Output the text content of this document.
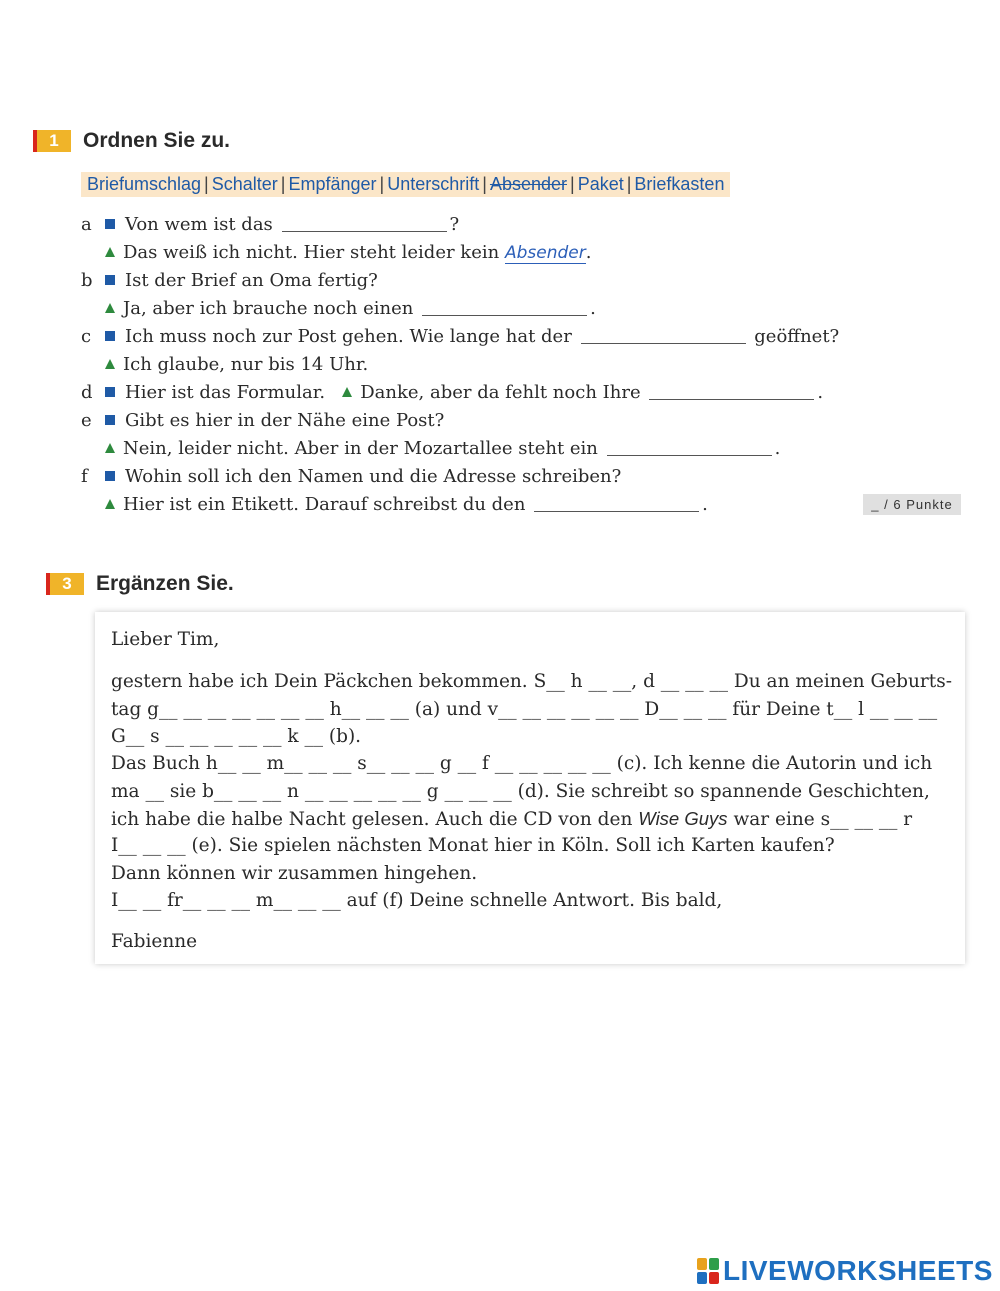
1	Ordnen Sie zu.
Briefumschlag | Schalter | Empfänger | Unterschrift | Absender | Paket | Briefkasten
a Von wem ist das	?
Das weiß ich nicht. Hier steht leider kein Absender.
b Ist der Brief an Oma fertig?
Ja, aber ich brauche noch einen	.
c Ich muss noch zur Post gehen. Wie lange hat der	geöffnet?
Ich glaube, nur bis 14 Uhr.
d Hier ist das Formular. Danke, aber da fehlt noch Ihre	.
e Gibt es hier in der Nähe eine Post?
Nein, leider nicht. Aber in der Mozartallee steht ein	.
f Wohin soll ich den Namen und die Adresse schreiben?
Hier ist ein Etikett. Darauf schreibst du den	.	_ / 6 Punkte
3	Ergänzen Sie.
Lieber Tim,
gestern habe ich Dein Päckchen bekommen. S__ h __ __, d __ __ __ Du an meinen Geburts-
tag g__ __ __ __ __ __ __ h__ __ __ (a) und v__ __ __ __ __ __ D__ __ __ für Deine t__ l __ __ __
G__ s __ __ __ __ __ k __ (b).
Das Buch h__ __ m__ __ __ s__ __ __ g __ f __ __ __ __ __ (c). Ich kenne die Autorin und ich
ma __ sie b__ __ __ n __ __ __ __ __ g __ __ __ (d). Sie schreibt so spannende Geschichten,
ich habe die halbe Nacht gelesen. Auch die CD von den Wise Guys war eine s__ __ __ r
I__ __ __ (e). Sie spielen nächsten Monat hier in Köln. Soll ich Karten kaufen?
Dann können wir zusammen hingehen.
I__ __ fr__ __ __ m__ __ __ auf (f) Deine schnelle Antwort. Bis bald,
Fabienne
LIVEWORKSHEETS
